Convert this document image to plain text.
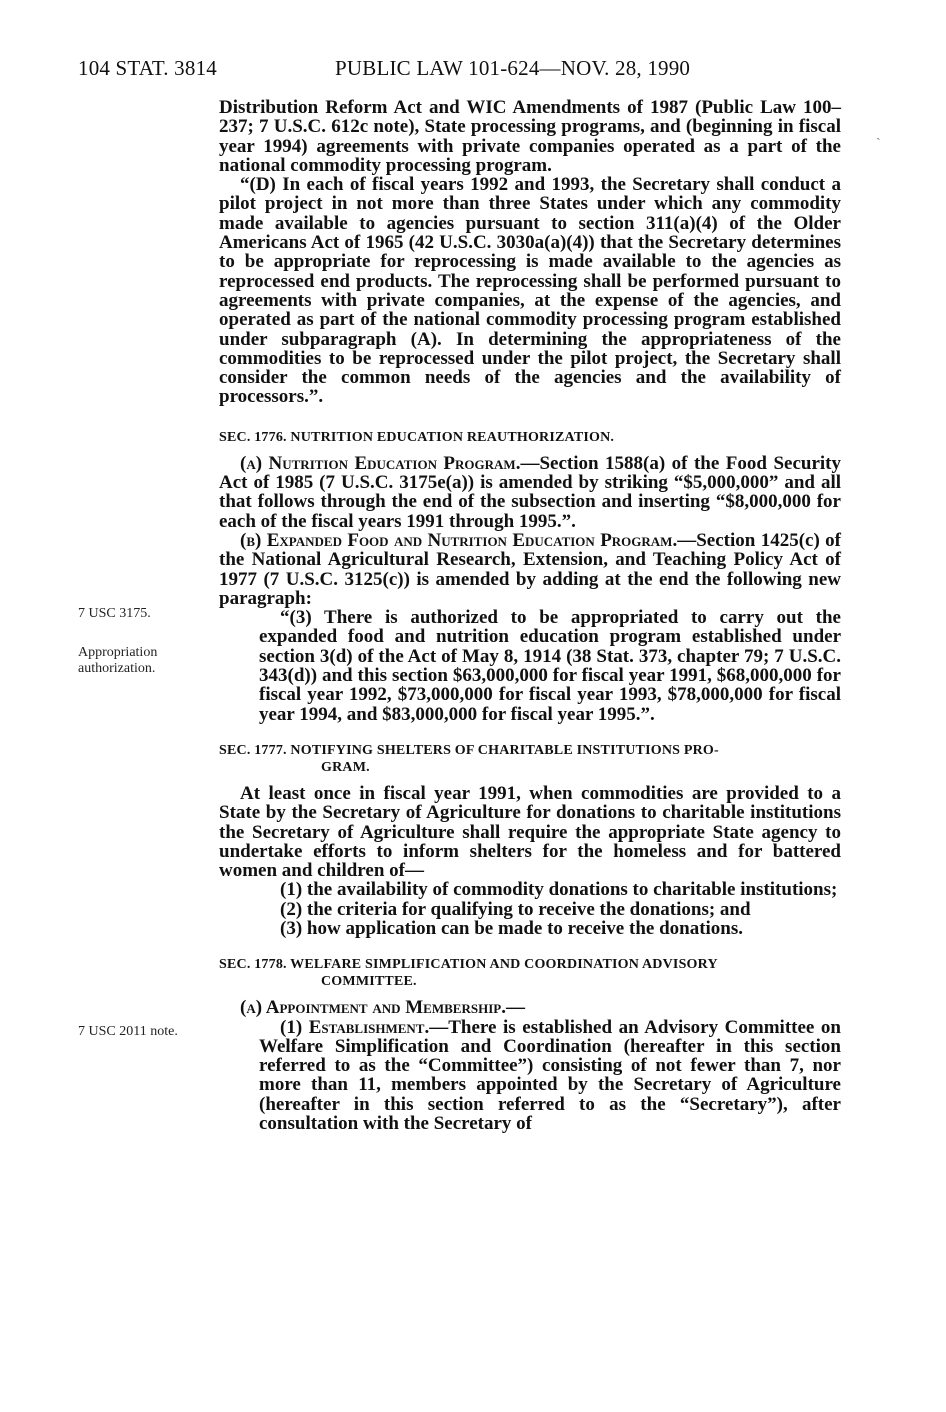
104 STAT. 3814	PUBLIC LAW 101-624—NOV. 28, 1990
ˎ
7 USC 3175.
Appropriation
authorization.
7 USC 2011 note.

Distribution Reform Act and WIC Amendments of 1987 (Public Law 100–237; 7 U.S.C. 612c note), State processing programs, and (beginning in fiscal year 1994) agreements with private companies operated as a part of the national commodity processing program.

“(D) In each of fiscal years 1992 and 1993, the Secretary shall conduct a pilot project in not more than three States under which any commodity made available to agencies pursuant to section 311(a)(4) of the Older Americans Act of 1965 (42 U.S.C. 3030a(a)(4)) that the Secretary determines to be appropriate for reprocessing is made available to the agencies as reprocessed end products. The reprocessing shall be performed pursuant to agreements with private companies, at the expense of the agencies, and operated as part of the national commodity processing program established under subparagraph (A). In determining the appropriateness of the commodities to be reprocessed under the pilot project, the Secretary shall consider the common needs of the agencies and the availability of processors.”.

SEC. 1776. NUTRITION EDUCATION REAUTHORIZATION.

(a) Nutrition Education Program.—Section 1588(a) of the Food Security Act of 1985 (7 U.S.C. 3175e(a)) is amended by striking “$5,000,000” and all that follows through the end of the subsection and inserting “$8,000,000 for each of the fiscal years 1991 through 1995.”.

(b) Expanded Food and Nutrition Education Program.—Section 1425(c) of the National Agricultural Research, Extension, and Teaching Policy Act of 1977 (7 U.S.C. 3125(c)) is amended by adding at the end the following new paragraph:

“(3) There is authorized to be appropriated to carry out the expanded food and nutrition education program established under section 3(d) of the Act of May 8, 1914 (38 Stat. 373, chapter 79; 7 U.S.C. 343(d)) and this section $63,000,000 for fiscal year 1991, $68,000,000 for fiscal year 1992, $73,000,000 for fiscal year 1993, $78,000,000 for fiscal year 1994, and $83,000,000 for fiscal year 1995.”.

SEC. 1777. NOTIFYING SHELTERS OF CHARITABLE INSTITUTIONS PRO-
GRAM.

At least once in fiscal year 1991, when commodities are provided to a State by the Secretary of Agriculture for donations to charitable institutions the Secretary of Agriculture shall require the appropriate State agency to undertake efforts to inform shelters for the homeless and for battered women and children of—

(1) the availability of commodity donations to charitable institutions;

(2) the criteria for qualifying to receive the donations; and

(3) how application can be made to receive the donations.

SEC. 1778. WELFARE SIMPLIFICATION AND COORDINATION ADVISORY
COMMITTEE.

(a) Appointment and Membership.—

(1) Establishment.—There is established an Advisory Committee on Welfare Simplification and Coordination (hereafter in this section referred to as the “Committee”) consisting of not fewer than 7, nor more than 11, members appointed by the Secretary of Agriculture (hereafter in this section referred to as the “Secretary”), after consultation with the Secretary of
